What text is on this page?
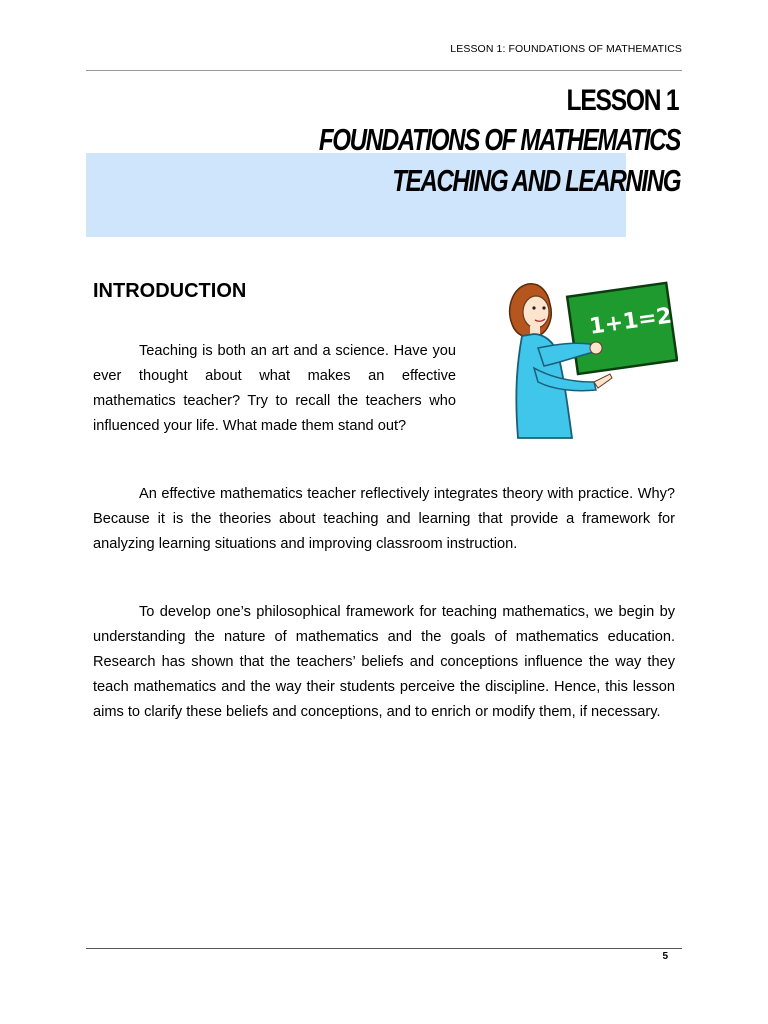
LESSON 1: FOUNDATIONS OF MATHEMATICS
LESSON 1
FOUNDATIONS OF MATHEMATICS
TEACHING AND LEARNING
INTRODUCTION
1+1=2
Teaching is both an art and a science. Have you ever thought about what makes an effective mathematics teacher? Try to recall the teachers who influenced your life. What made them stand out?
An effective mathematics teacher reflectively integrates theory with practice. Why? Because it is the theories about teaching and learning that provide a framework for analyzing learning situations and improving classroom instruction.
To develop one’s philosophical framework for teaching mathematics, we begin by understanding the nature of mathematics and the goals of mathematics education. Research has shown that the teachers’ beliefs and conceptions influence the way they teach mathematics and the way their students perceive the discipline. Hence, this lesson aims to clarify these beliefs and conceptions, and to enrich or modify them, if necessary.
5
